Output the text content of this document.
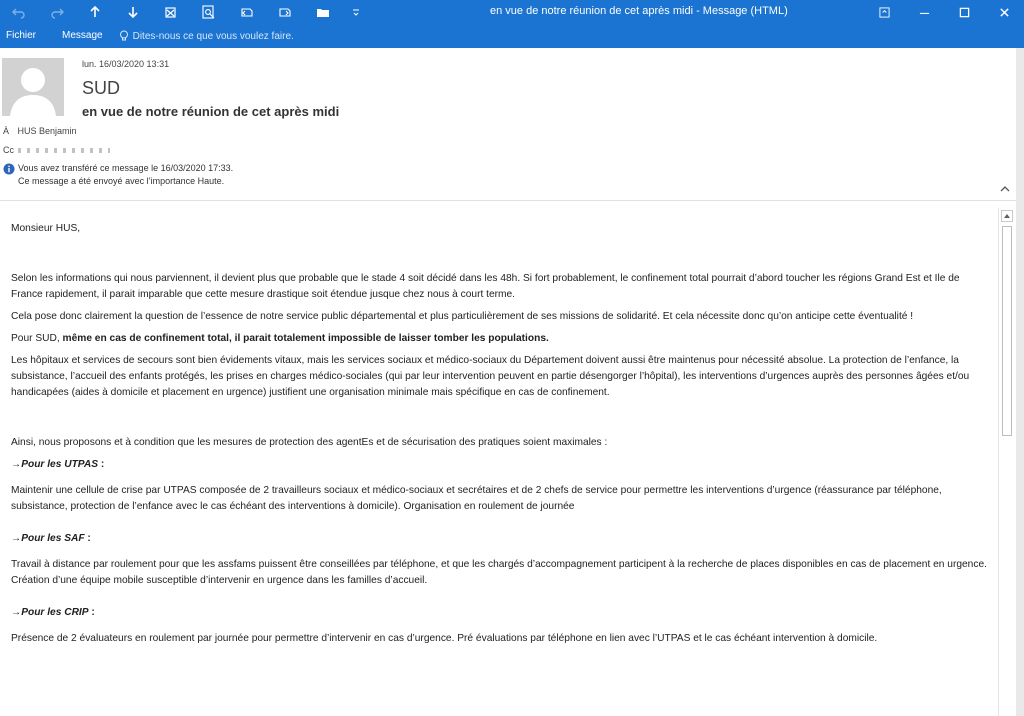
en vue de notre réunion de cet après midi - Message (HTML)
Fichier	Message	Dites-nous ce que vous voulez faire.
lun. 16/03/2020 13:31
SUD
en vue de notre réunion de cet après midi
À HUS Benjamin
Cc
Vous avez transféré ce message le 16/03/2020 17:33.
Ce message a été envoyé avec l’importance Haute.

Monsieur HUS,

Selon les informations qui nous parviennent, il devient plus que probable que le stade 4 soit décidé dans les 48h. Si fort probablement, le confinement total pourrait d’abord toucher les régions Grand Est et Ile de France rapidement, il parait imparable que cette mesure drastique soit étendue jusque chez nous à court terme.

Cela pose donc clairement la question de l’essence de notre service public départemental et plus particulièrement de ses missions de solidarité. Et cela nécessite donc qu’on anticipe cette éventualité !

Pour SUD, même en cas de confinement total, il parait totalement impossible de laisser tomber les populations.

Les hôpitaux et services de secours sont bien évidements vitaux, mais les services sociaux et médico-sociaux du Département doivent aussi être maintenus pour nécessité absolue. La protection de l’enfance, la subsistance, l’accueil des enfants protégés, les prises en charges médico-sociales (qui par leur intervention peuvent en partie désengorger l’hôpital), les interventions d’urgences auprès des personnes âgées et/ou handicapées (aides à domicile et placement en urgence) justifient une organisation minimale mais spécifique en cas de confinement.

Ainsi, nous proposons et à condition que les mesures de protection des agentEs et de sécurisation des pratiques soient maximales :

→Pour les UTPAS :

Maintenir une cellule de crise par UTPAS composée de 2 travailleurs sociaux et médico-sociaux et secrétaires et de 2 chefs de service pour permettre les interventions d’urgence (réassurance par téléphone, subsistance, protection de l’enfance avec le cas échéant des interventions à domicile). Organisation en roulement de journée

→Pour les SAF :

Travail à distance par roulement pour que les assfams puissent être conseillées par téléphone, et que les chargés d’accompagnement participent à la recherche de places disponibles en cas de placement en urgence.

Création d’une équipe mobile susceptible d’intervenir en urgence dans les familles d’accueil.

→Pour les CRIP :

Présence de 2 évaluateurs en roulement par journée pour permettre d’intervenir en cas d’urgence. Pré évaluations par téléphone en lien avec l’UTPAS et le cas échéant intervention à domicile.
